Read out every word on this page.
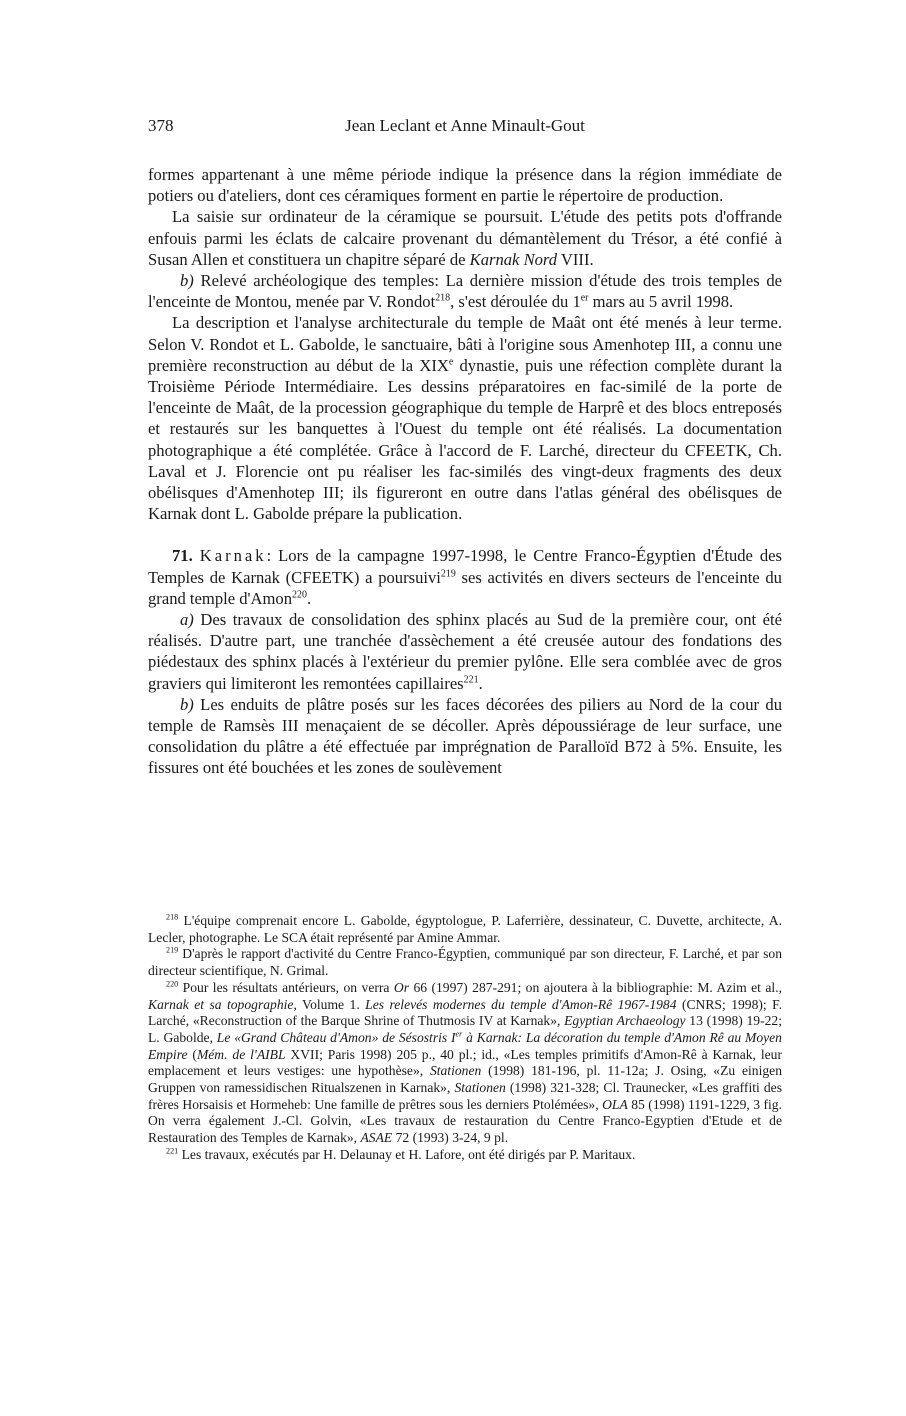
378	Jean Leclant et Anne Minault-Gout

formes appartenant à une même période indique la présence dans la région immédiate de potiers ou d'ateliers, dont ces céramiques forment en partie le répertoire de production.

La saisie sur ordinateur de la céramique se poursuit. L'étude des petits pots d'offrande enfouis parmi les éclats de calcaire provenant du démantèlement du Trésor, a été confié à Susan Allen et constituera un chapitre séparé de Karnak Nord VIII.

b) Relevé archéologique des temples: La dernière mission d'étude des trois temples de l'enceinte de Montou, menée par V. Rondot$^{218}$, s'est déroulée du 1er mars au 5 avril 1998.

La description et l'analyse architecturale du temple de Maât ont été menés à leur terme. Selon V. Rondot et L. Gabolde, le sanctuaire, bâti à l'origine sous Amenhotep III, a connu une première reconstruction au début de la XIXe dynastie, puis une réfection complète durant la Troisième Période Intermédiaire. Les dessins préparatoires en fac-similé de la porte de l'enceinte de Maât, de la procession géographique du temple de Harprê et des blocs entreposés et restaurés sur les banquettes à l'Ouest du temple ont été réalisés. La documentation photographique a été complétée. Grâce à l'accord de F. Larché, directeur du CFEETK, Ch. Laval et J. Florencie ont pu réaliser les fac-similés des vingt-deux fragments des deux obélisques d'Amenhotep III; ils figureront en outre dans l'atlas général des obélisques de Karnak dont L. Gabolde prépare la publication.

71. Karnak: Lors de la campagne 1997-1998, le Centre Franco-Égyptien d'Étude des Temples de Karnak (CFEETK) a poursuivi$^{219}$ ses activités en divers secteurs de l'enceinte du grand temple d'Amon$^{220}$.

a) Des travaux de consolidation des sphinx placés au Sud de la première cour, ont été réalisés. D'autre part, une tranchée d'assèchement a été creusée autour des fondations des piédestaux des sphinx placés à l'extérieur du premier pylône. Elle sera comblée avec de gros graviers qui limiteront les remontées capillaires$^{221}$.

b) Les enduits de plâtre posés sur les faces décorées des piliers au Nord de la cour du temple de Ramsès III menaçaient de se décoller. Après dépoussiérage de leur surface, une consolidation du plâtre a été effectuée par imprégnation de Paralloïd B72 à 5%. Ensuite, les fissures ont été bouchées et les zones de soulèvement

$^{218}$ L'équipe comprenait encore L. Gabolde, égyptologue, P. Laferrière, dessinateur, C. Duvette, architecte, A. Lecler, photographe. Le SCA était représenté par Amine Ammar.

$^{219}$ D'après le rapport d'activité du Centre Franco-Égyptien, communiqué par son directeur, F. Larché, et par son directeur scientifique, N. Grimal.

$^{220}$ Pour les résultats antérieurs, on verra Or 66 (1997) 287-291; on ajoutera à la bibliographie: M. Azim et al., Karnak et sa topographie, Volume 1. Les relevés modernes du temple d'Amon-Rê 1967-1984 (CNRS; 1998); F. Larché, «Reconstruction of the Barque Shrine of Thutmosis IV at Karnak», Egyptian Archaeology 13 (1998) 19-22; L. Gabolde, Le «Grand Château d'Amon» de Sésostris Ier à Karnak: La décoration du temple d'Amon Rê au Moyen Empire (Mém. de l'AIBL XVII; Paris 1998) 205 p., 40 pl.; id., «Les temples primitifs d'Amon-Rê à Karnak, leur emplacement et leurs vestiges: une hypothèse», Stationen (1998) 181-196, pl. 11-12a; J. Osing, «Zu einigen Gruppen von ramessidischen Ritualszenen in Karnak», Stationen (1998) 321-328; Cl. Traunecker, «Les graffiti des frères Horsaisis et Hormeheb: Une famille de prêtres sous les derniers Ptolémées», OLA 85 (1998) 1191-1229, 3 fig. On verra également J.-Cl. Golvin, «Les travaux de restauration du Centre Franco-Egyptien d'Etude et de Restauration des Temples de Karnak», ASAE 72 (1993) 3-24, 9 pl.

$^{221}$ Les travaux, exécutés par H. Delaunay et H. Lafore, ont été dirigés par P. Maritaux.
